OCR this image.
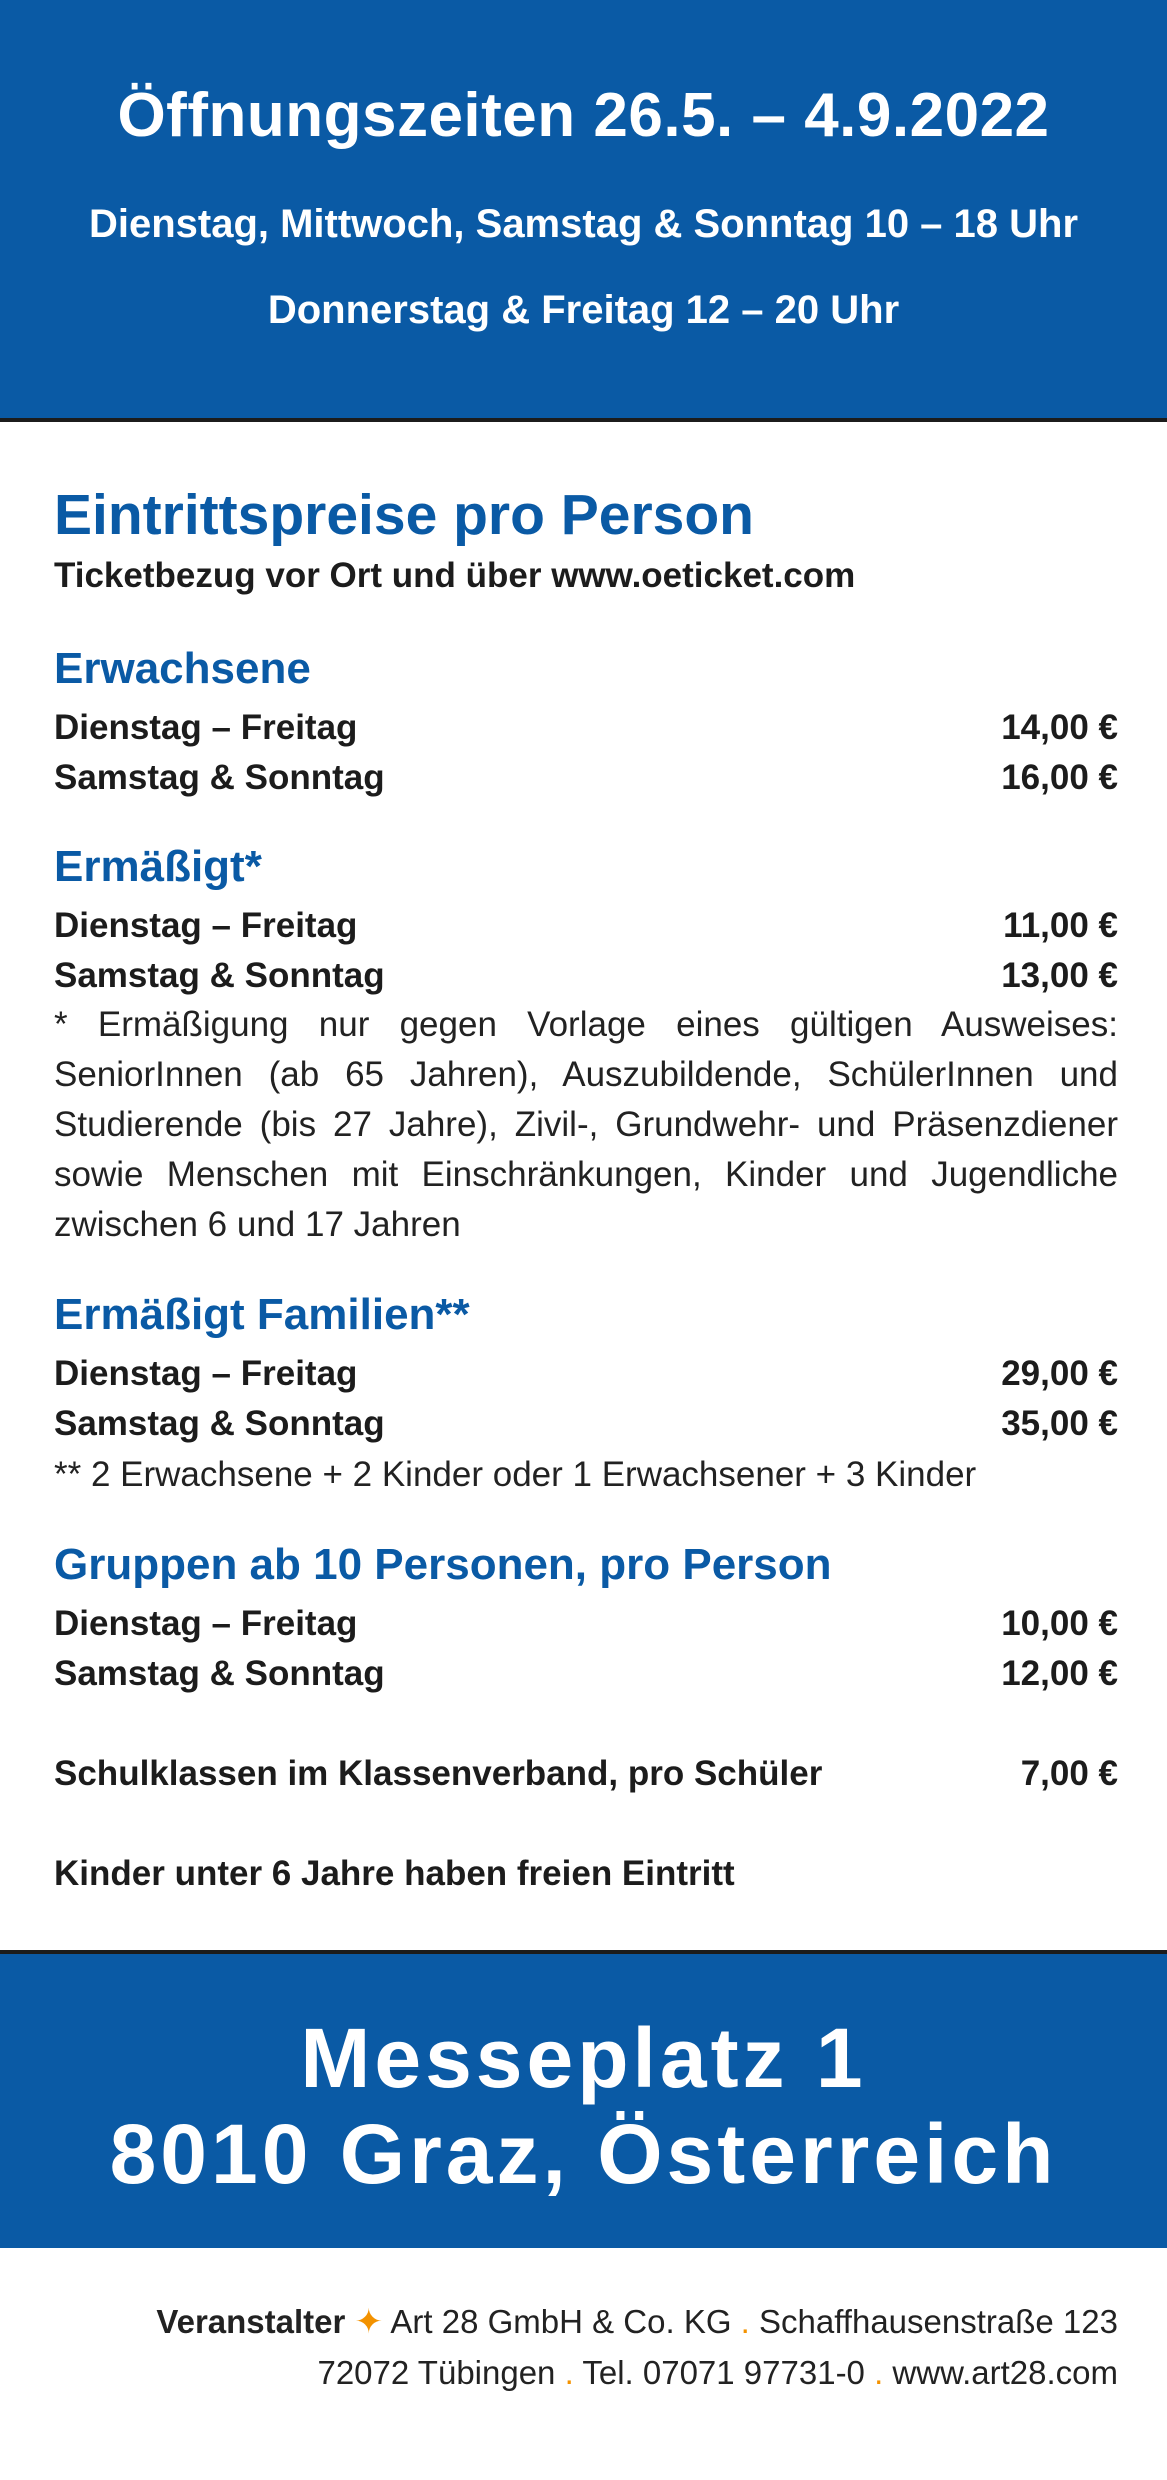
Öffnungszeiten 26.5. – 4.9.2022
Dienstag, Mittwoch, Samstag & Sonntag 10 – 18 Uhr
Donnerstag & Freitag 12 – 20 Uhr
Eintrittspreise pro Person
Ticketbezug vor Ort und über www.oeticket.com
Erwachsene
Dienstag – Freitag	14,00 €
Samstag & Sonntag	16,00 €
Ermäßigt*
Dienstag – Freitag	11,00 €
Samstag & Sonntag	13,00 €
* Ermäßigung nur gegen Vorlage eines gültigen Ausweises: SeniorInnen (ab 65 Jahren), Auszubildende, SchülerInnen und Studierende (bis 27 Jahre), Zivil-, Grundwehr- und Präsenzdiener sowie Menschen mit Einschränkungen, Kinder und Jugendliche zwischen 6 und 17 Jahren
Ermäßigt Familien**
Dienstag – Freitag	29,00 €
Samstag & Sonntag	35,00 €
** 2 Erwachsene + 2 Kinder oder 1 Erwachsener + 3 Kinder
Gruppen ab 10 Personen, pro Person
Dienstag – Freitag	10,00 €
Samstag & Sonntag	12,00 €
Schulklassen im Klassenverband, pro Schüler	7,00 €
Kinder unter 6 Jahre haben freien Eintritt
Messeplatz 1
8010 Graz, Österreich
Veranstalter ✦ Art 28 GmbH & Co. KG . Schaffhausenstraße 123
72072 Tübingen . Tel. 07071 97731-0 . www.art28.com
